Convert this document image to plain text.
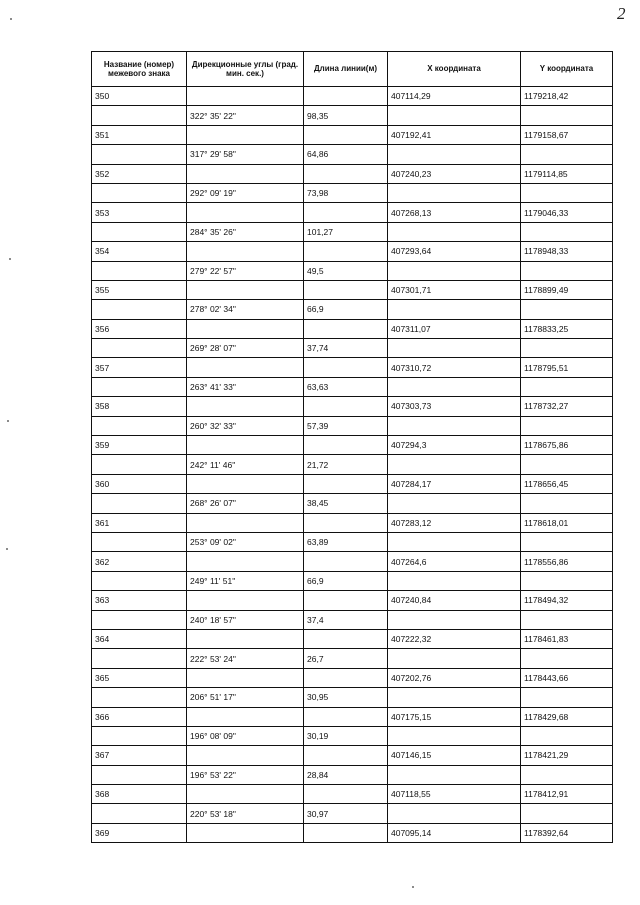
2
Название (номер) межевого знака	Дирекционные углы (град. мин. сек.)	Длина линии(м)	X координата	Y координата
350			407114,29	1179218,42
	322° 35' 22"	98,35		
351			407192,41	1179158,67
	317° 29' 58"	64,86		
352			407240,23	1179114,85
	292° 09' 19"	73,98		
353			407268,13	1179046,33
	284° 35' 26"	101,27		
354			407293,64	1178948,33
	279° 22' 57"	49,5		
355			407301,71	1178899,49
	278° 02' 34"	66,9		
356			407311,07	1178833,25
	269° 28' 07"	37,74		
357			407310,72	1178795,51
	263° 41' 33"	63,63		
358			407303,73	1178732,27
	260° 32' 33"	57,39		
359			407294,3	1178675,86
	242° 11' 46"	21,72		
360			407284,17	1178656,45
	268° 26' 07"	38,45		
361			407283,12	1178618,01
	253° 09' 02"	63,89		
362			407264,6	1178556,86
	249° 11' 51"	66,9		
363			407240,84	1178494,32
	240° 18' 57"	37,4		
364			407222,32	1178461,83
	222° 53' 24"	26,7		
365			407202,76	1178443,66
	206° 51' 17"	30,95		
366			407175,15	1178429,68
	196° 08' 09"	30,19		
367			407146,15	1178421,29
	196° 53' 22"	28,84		
368			407118,55	1178412,91
	220° 53' 18"	30,97		
369			407095,14	1178392,64
